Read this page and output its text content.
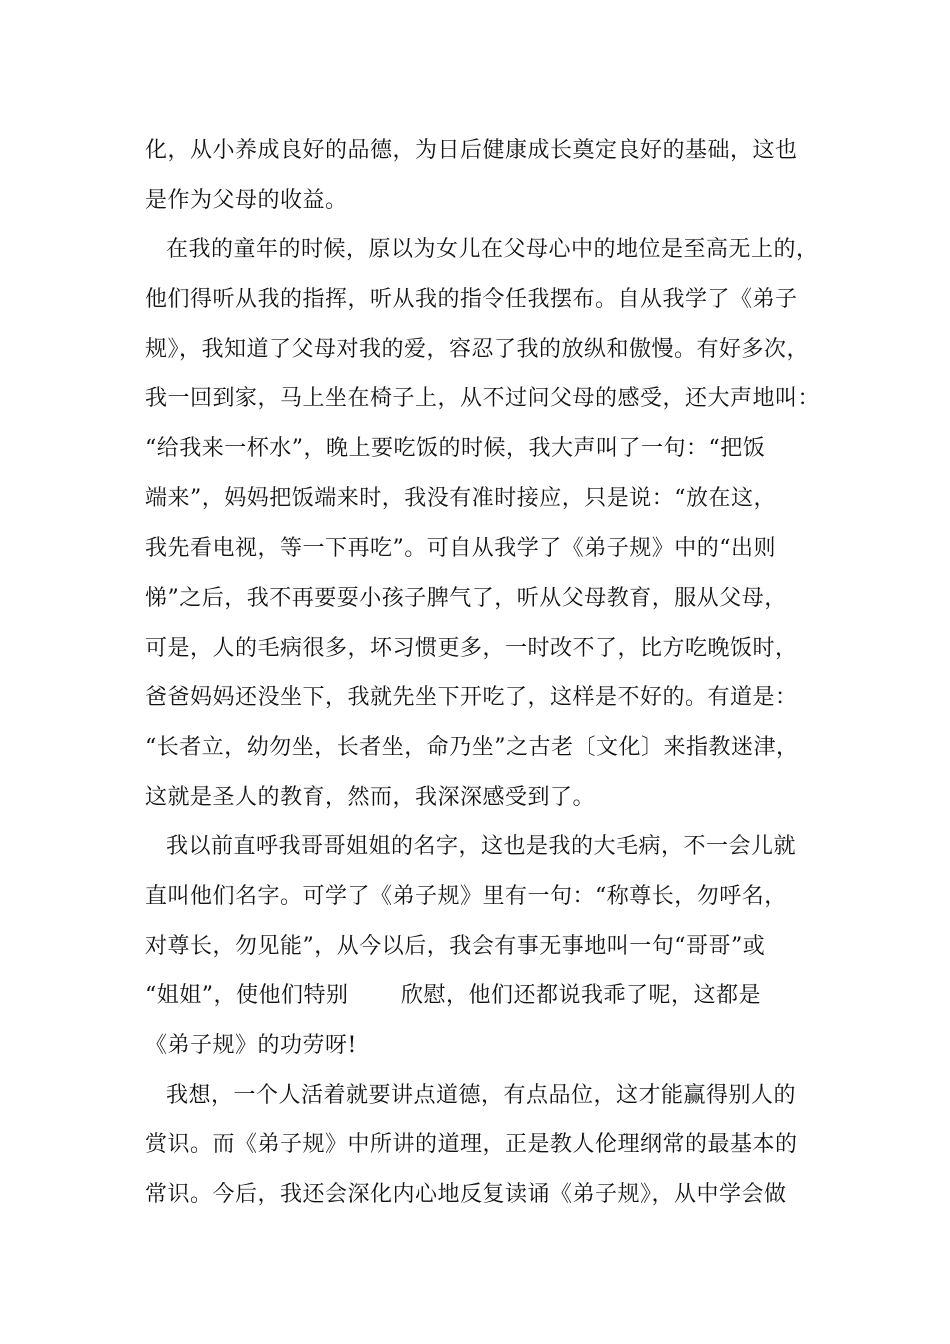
化，从小养成良好的品德，为日后健康成长奠定良好的基础，这也
是作为父母的收益。
在我的童年的时候，原以为女儿在父母心中的地位是至高无上的，
他们得听从我的指挥，听从我的指令任我摆布。自从我学了《弟子
规》，我知道了父母对我的爱，容忍了我的放纵和傲慢。有好多次，
我一回到家，马上坐在椅子上，从不过问父母的感受，还大声地叫：
“给我来一杯水”，晚上要吃饭的时候，我大声叫了一句：“把饭
端来”，妈妈把饭端来时，我没有准时接应，只是说：“放在这，
我先看电视，等一下再吃”。可自从我学了《弟子规》中的“出则
悌”之后，我不再要耍小孩子脾气了，听从父母教育，服从父母，
可是，人的毛病很多，坏习惯更多，一时改不了，比方吃晚饭时，
爸爸妈妈还没坐下，我就先坐下开吃了，这样是不好的。有道是：
“长者立，幼勿坐，长者坐，命乃坐”之古老〔文化〕来指教迷津，
这就是圣人的教育，然而，我深深感受到了。
我以前直呼我哥哥姐姐的名字，这也是我的大毛病，不一会儿就
直叫他们名字。可学了《弟子规》里有一句：“称尊长，勿呼名，
对尊长，勿见能”，从今以后，我会有事无事地叫一句“哥哥”或
“姐姐”，使他们特别　　 欣慰，他们还都说我乖了呢，这都是
《弟子规》的功劳呀!
我想，一个人活着就要讲点道德，有点品位，这才能赢得别人的
赏识。而《弟子规》中所讲的道理，正是教人伦理纲常的最基本的
常识。今后，我还会深化内心地反复读诵《弟子规》，从中学会做
